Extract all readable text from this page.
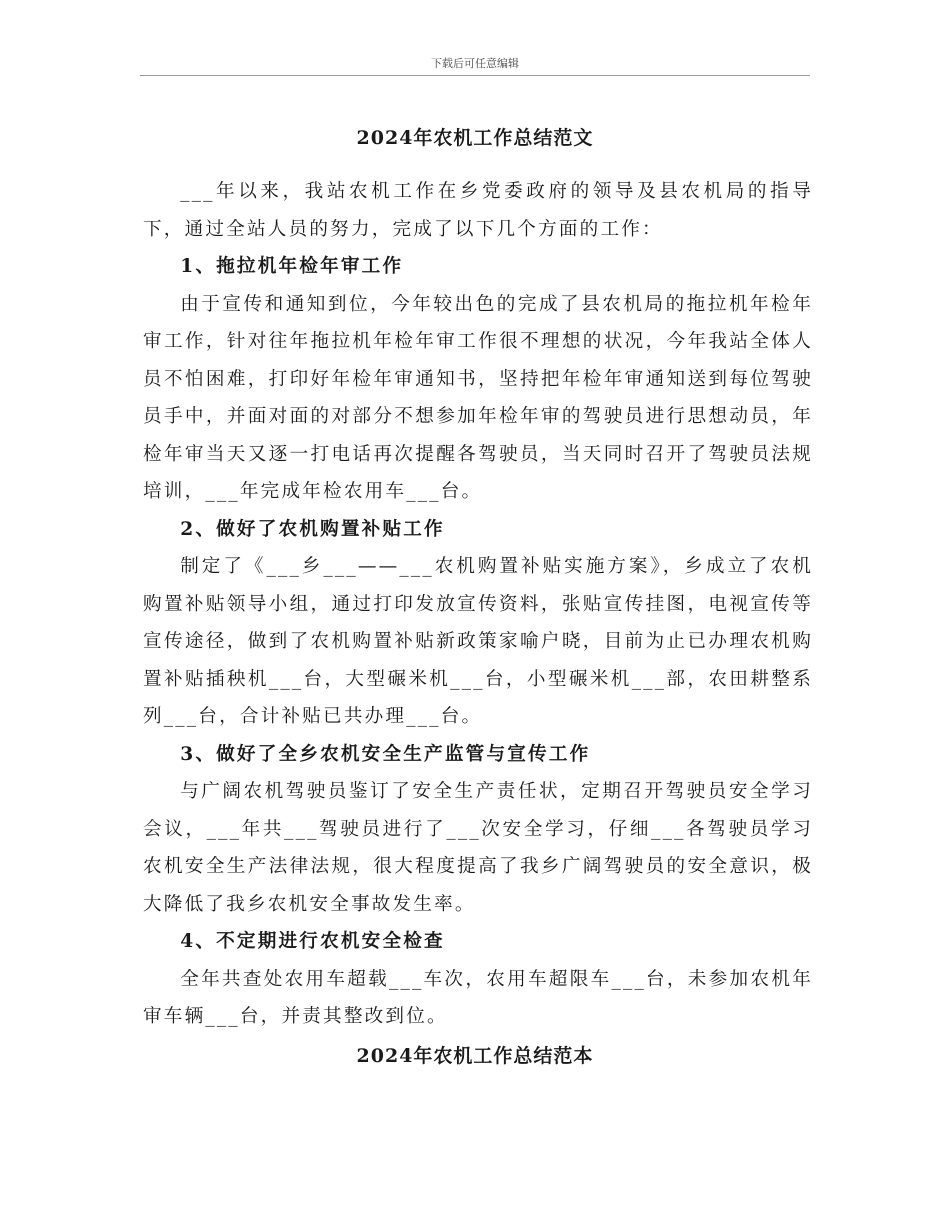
下载后可任意编辑
2024年农机工作总结范文

___年以来，我站农机工作在乡党委政府的领导及县农机局的指导下，通过全站人员的努力，完成了以下几个方面的工作：

1、拖拉机年检年审工作

由于宣传和通知到位，今年较出色的完成了县农机局的拖拉机年检年审工作，针对往年拖拉机年检年审工作很不理想的状况，今年我站全体人员不怕困难，打印好年检年审通知书，坚持把年检年审通知送到每位驾驶员手中，并面对面的对部分不想参加年检年审的驾驶员进行思想动员，年检年审当天又逐一打电话再次提醒各驾驶员，当天同时召开了驾驶员法规培训，___年完成年检农用车___台。

2、做好了农机购置补贴工作

制定了《___乡___——___农机购置补贴实施方案》，乡成立了农机购置补贴领导小组，通过打印发放宣传资料，张贴宣传挂图，电视宣传等宣传途径，做到了农机购置补贴新政策家喻户晓，目前为止已办理农机购置补贴插秧机___台，大型碾米机___台，小型碾米机___部，农田耕整系列___台，合计补贴已共办理___台。

3、做好了全乡农机安全生产监管与宣传工作

与广阔农机驾驶员鉴订了安全生产责任状，定期召开驾驶员安全学习会议，___年共___驾驶员进行了___次安全学习，仔细___各驾驶员学习农机安全生产法律法规，很大程度提高了我乡广阔驾驶员的安全意识，极大降低了我乡农机安全事故发生率。

4、不定期进行农机安全检查

全年共查处农用车超载___车次，农用车超限车___台，未参加农机年审车辆___台，并责其整改到位。

2024年农机工作总结范本
